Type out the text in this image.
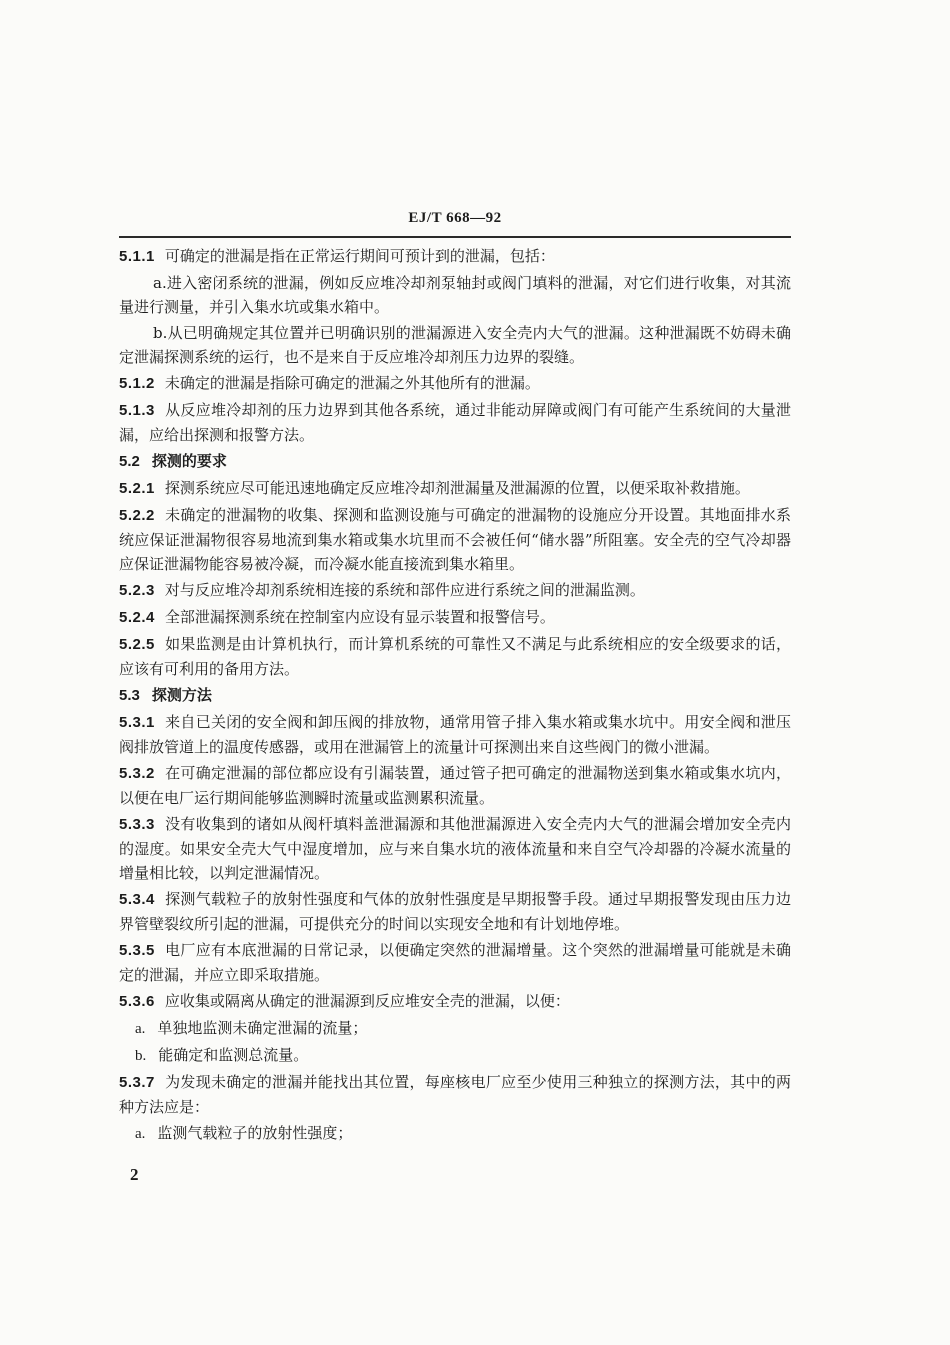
EJ/T 668—92

5.1.1 可确定的泄漏是指在正常运行期间可预计到的泄漏，包括：

a.进入密闭系统的泄漏，例如反应堆冷却剂泵轴封或阀门填料的泄漏，对它们进行收集，对其流量进行测量，并引入集水坑或集水箱中。

b.从已明确规定其位置并已明确识别的泄漏源进入安全壳内大气的泄漏。这种泄漏既不妨碍未确定泄漏探测系统的运行，也不是来自于反应堆冷却剂压力边界的裂缝。

5.1.2 未确定的泄漏是指除可确定的泄漏之外其他所有的泄漏。

5.1.3 从反应堆冷却剂的压力边界到其他各系统，通过非能动屏障或阀门有可能产生系统间的大量泄漏，应给出探测和报警方法。

5.2 探测的要求

5.2.1 探测系统应尽可能迅速地确定反应堆冷却剂泄漏量及泄漏源的位置，以便采取补救措施。

5.2.2 未确定的泄漏物的收集、探测和监测设施与可确定的泄漏物的设施应分开设置。其地面排水系统应保证泄漏物很容易地流到集水箱或集水坑里而不会被任何“储水器”所阻塞。安全壳的空气冷却器应保证泄漏物能容易被冷凝，而冷凝水能直接流到集水箱里。

5.2.3 对与反应堆冷却剂系统相连接的系统和部件应进行系统之间的泄漏监测。

5.2.4 全部泄漏探测系统在控制室内应设有显示装置和报警信号。

5.2.5 如果监测是由计算机执行，而计算机系统的可靠性又不满足与此系统相应的安全级要求的话，应该有可利用的备用方法。

5.3 探测方法

5.3.1 来自已关闭的安全阀和卸压阀的排放物，通常用管子排入集水箱或集水坑中。用安全阀和泄压阀排放管道上的温度传感器，或用在泄漏管上的流量计可探测出来自这些阀门的微小泄漏。

5.3.2 在可确定泄漏的部位都应设有引漏装置，通过管子把可确定的泄漏物送到集水箱或集水坑内，以便在电厂运行期间能够监测瞬时流量或监测累积流量。

5.3.3 没有收集到的诸如从阀杆填料盖泄漏源和其他泄漏源进入安全壳内大气的泄漏会增加安全壳内的湿度。如果安全壳大气中湿度增加，应与来自集水坑的液体流量和来自空气冷却器的冷凝水流量的增量相比较，以判定泄漏情况。

5.3.4 探测气载粒子的放射性强度和气体的放射性强度是早期报警手段。通过早期报警发现由压力边界管壁裂纹所引起的泄漏，可提供充分的时间以实现安全地和有计划地停堆。

5.3.5 电厂应有本底泄漏的日常记录，以便确定突然的泄漏增量。这个突然的泄漏增量可能就是未确定的泄漏，并应立即采取措施。

5.3.6 应收集或隔离从确定的泄漏源到反应堆安全壳的泄漏，以便：

a. 单独地监测未确定泄漏的流量；

b. 能确定和监测总流量。

5.3.7 为发现未确定的泄漏并能找出其位置，每座核电厂应至少使用三种独立的探测方法，其中的两种方法应是：

a. 监测气载粒子的放射性强度；

2
